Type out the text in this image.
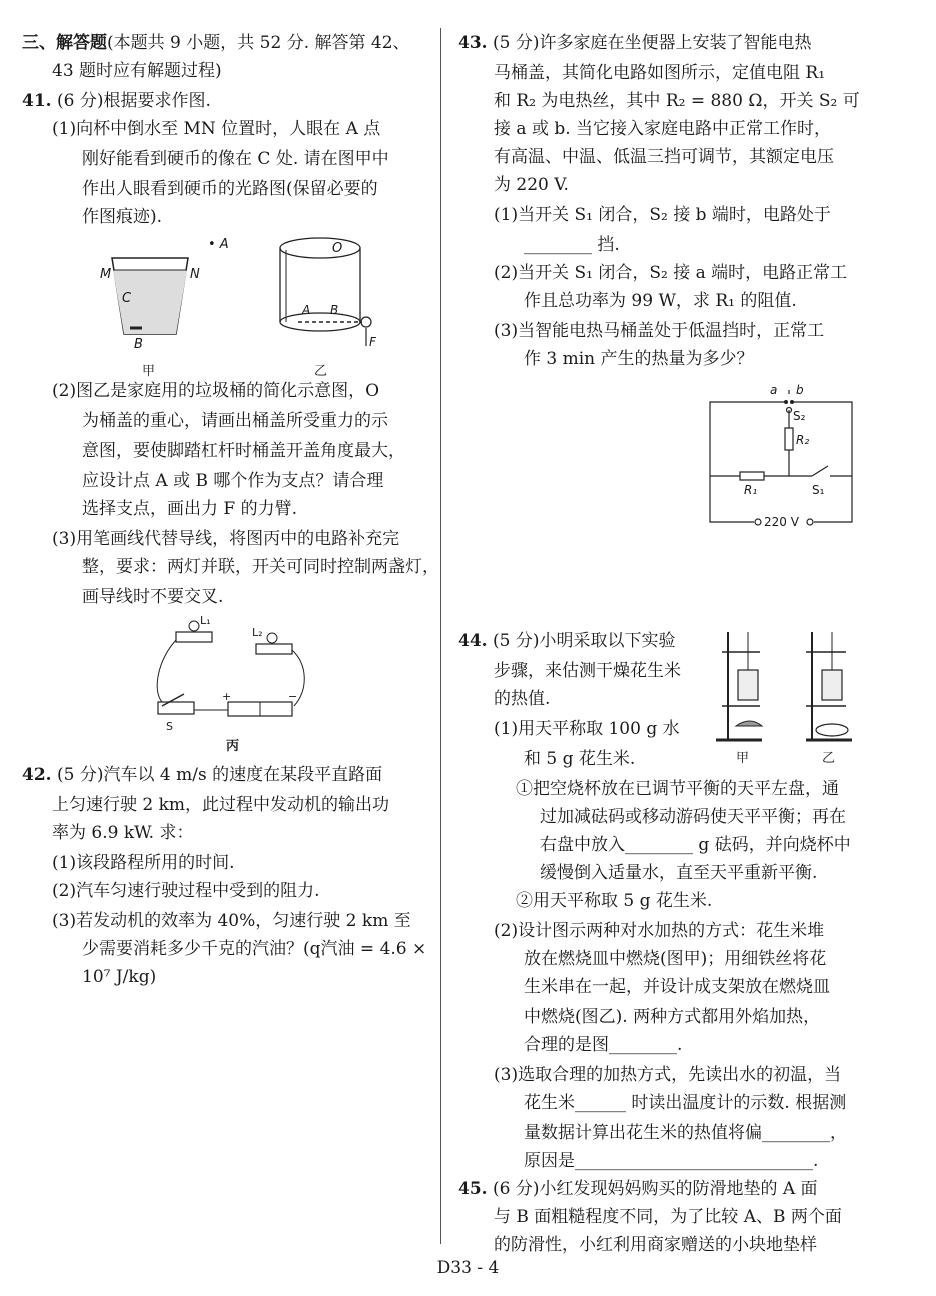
三、解答题(本题共 9 小题，共 52 分. 解答第 42、
43 题时应有解题过程)
41. (6 分)根据要求作图.
(1)向杯中倒水至 MN 位置时，人眼在 A 点
刚好能看到硬币的像在 C 处. 请在图甲中
作出人眼看到硬币的光路图(保留必要的
作图痕迹).
M	N
• A
C
B
甲
O
A B
F
乙
(2)图乙是家庭用的垃圾桶的简化示意图，O
为桶盖的重心，请画出桶盖所受重力的示
意图，要使脚踏杠杆时桶盖开盖角度最大，
应设计点 A 或 B 哪个作为支点？请合理
选择支点，画出力 F 的力臂.
(3)用笔画线代替导线，将图丙中的电路补充完
整，要求：两灯并联，开关可同时控制两盏灯，
画导线时不要交叉.
L₁
L₂
S
+	−
丙
42. (5 分)汽车以 4 m/s 的速度在某段平直路面
上匀速行驶 2 km，此过程中发动机的输出功
率为 6.9 kW. 求：
(1)该段路程所用的时间.
(2)汽车匀速行驶过程中受到的阻力.
(3)若发动机的效率为 40%，匀速行驶 2 km 至
少需要消耗多少千克的汽油？(q汽油 = 4.6 ×
10⁷ J/kg)
43. (5 分)许多家庭在坐便器上安装了智能电热
马桶盖，其简化电路如图所示，定值电阻 R₁
和 R₂ 为电热丝，其中 R₂ = 880 Ω，开关 S₂ 可
接 a 或 b. 当它接入家庭电路中正常工作时，
有高温、中温、低温三挡可调节，其额定电压
为 220 V.
(1)当开关 S₁ 闭合，S₂ 接 b 端时，电路处于
________ 挡.
(2)当开关 S₁ 闭合，S₂ 接 a 端时，电路正常工
作且总功率为 99 W，求 R₁ 的阻值.
(3)当智能电热马桶盖处于低温挡时，正常工
作 3 min 产生的热量为多少？
a b
S₂
R₂
R₁	S₁
220 V
44. (5 分)小明采取以下实验
步骤，来估测干燥花生米
的热值.
(1)用天平称取 100 g 水
和 5 g 花生米.	甲	乙
①把空烧杯放在已调节平衡的天平左盘，通
过加减砝码或移动游码使天平平衡；再在
右盘中放入________ g 砝码，并向烧杯中
缓慢倒入适量水，直至天平重新平衡.
②用天平称取 5 g 花生米.
(2)设计图示两种对水加热的方式：花生米堆
放在燃烧皿中燃烧(图甲)；用细铁丝将花
生米串在一起，并设计成支架放在燃烧皿
中燃烧(图乙). 两种方式都用外焰加热，
合理的是图________.
(3)选取合理的加热方式，先读出水的初温，当
花生米______ 时读出温度计的示数. 根据测
量数据计算出花生米的热值将偏________，
原因是____________________________.
45. (6 分)小红发现妈妈购买的防滑地垫的 A 面
与 B 面粗糙程度不同，为了比较 A、B 两个面
的防滑性，小红利用商家赠送的小块地垫样
D33 - 4
